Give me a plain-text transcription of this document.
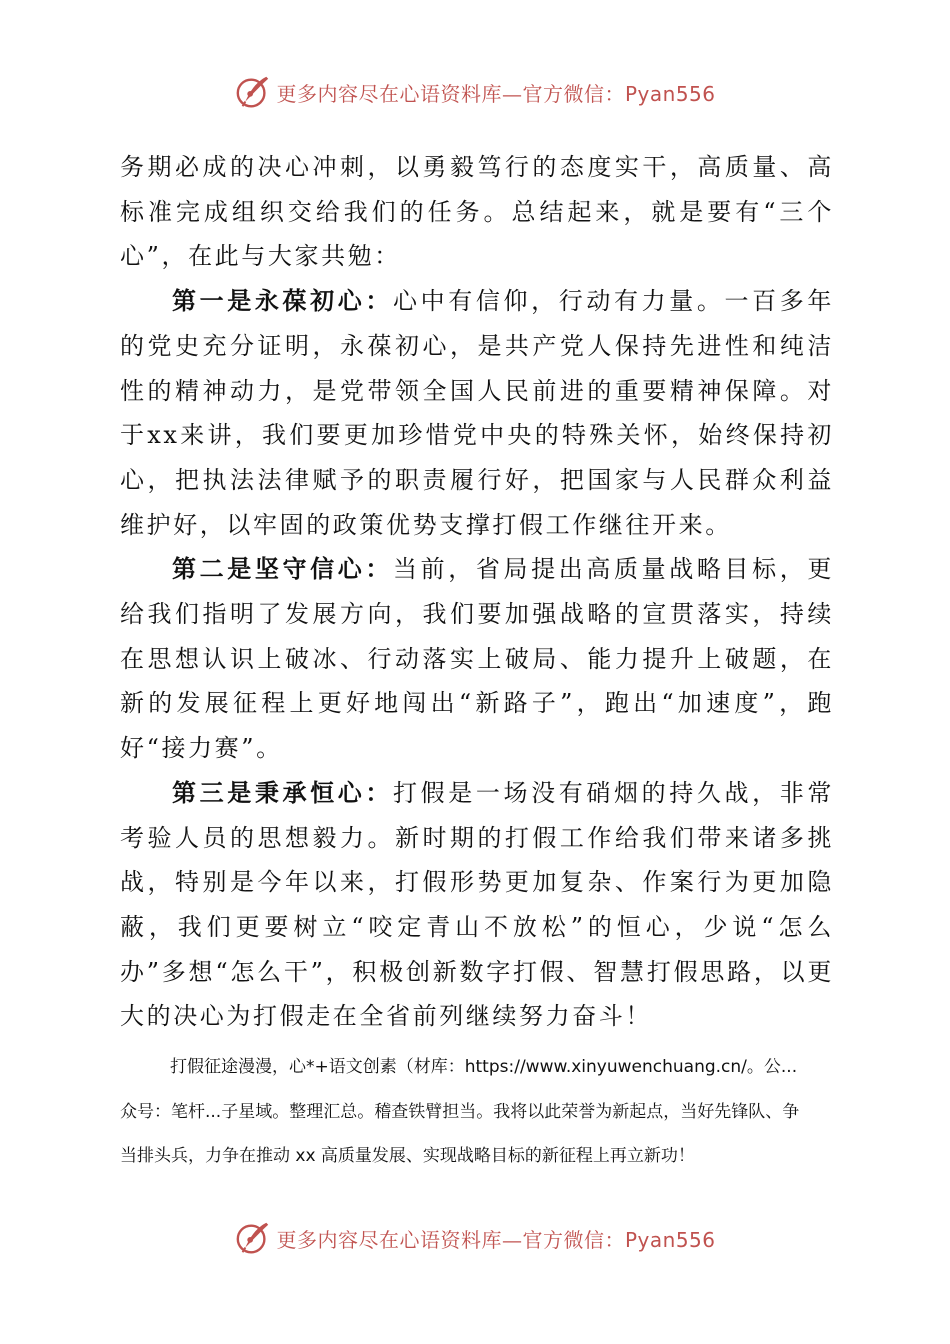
更多内容尽在心语资料库—官方微信：Pyan556

务期必成的决心冲刺，以勇毅笃行的态度实干，高质量、高标准完成组织交给我们的任务。总结起来，就是要有“三个心”，在此与大家共勉：

第一是永葆初心：心中有信仰，行动有力量。一百多年的党史充分证明，永葆初心，是共产党人保持先进性和纯洁性的精神动力，是党带领全国人民前进的重要精神保障。对于xx来讲，我们要更加珍惜党中央的特殊关怀，始终保持初心，把执法法律赋予的职责履行好，把国家与人民群众利益维护好，以牢固的政策优势支撑打假工作继往开来。

第二是坚守信心：当前，省局提出高质量战略目标，更给我们指明了发展方向，我们要加强战略的宣贯落实，持续在思想认识上破冰、行动落实上破局、能力提升上破题，在新的发展征程上更好地闯出“新路子”，跑出“加速度”，跑好“接力赛”。

第三是秉承恒心：打假是一场没有硝烟的持久战，非常考验人员的思想毅力。新时期的打假工作给我们带来诸多挑战，特别是今年以来，打假形势更加复杂、作案行为更加隐蔽，我们更要树立“咬定青山不放松”的恒心，少说“怎么办”多想“怎么干”，积极创新数字打假、智慧打假思路，以更大的决心为打假走在全省前列继续努力奋斗！

打假征途漫漫，心*+语文创素（材库：https://www.xinyuwenchuang.cn/。公...

众号：笔杆...子星域。整理汇总。稽查铁臂担当。我将以此荣誉为新起点，当好先锋队、争

当排头兵，力争在推动 xx 高质量发展、实现战略目标的新征程上再立新功！

更多内容尽在心语资料库—官方微信：Pyan556
